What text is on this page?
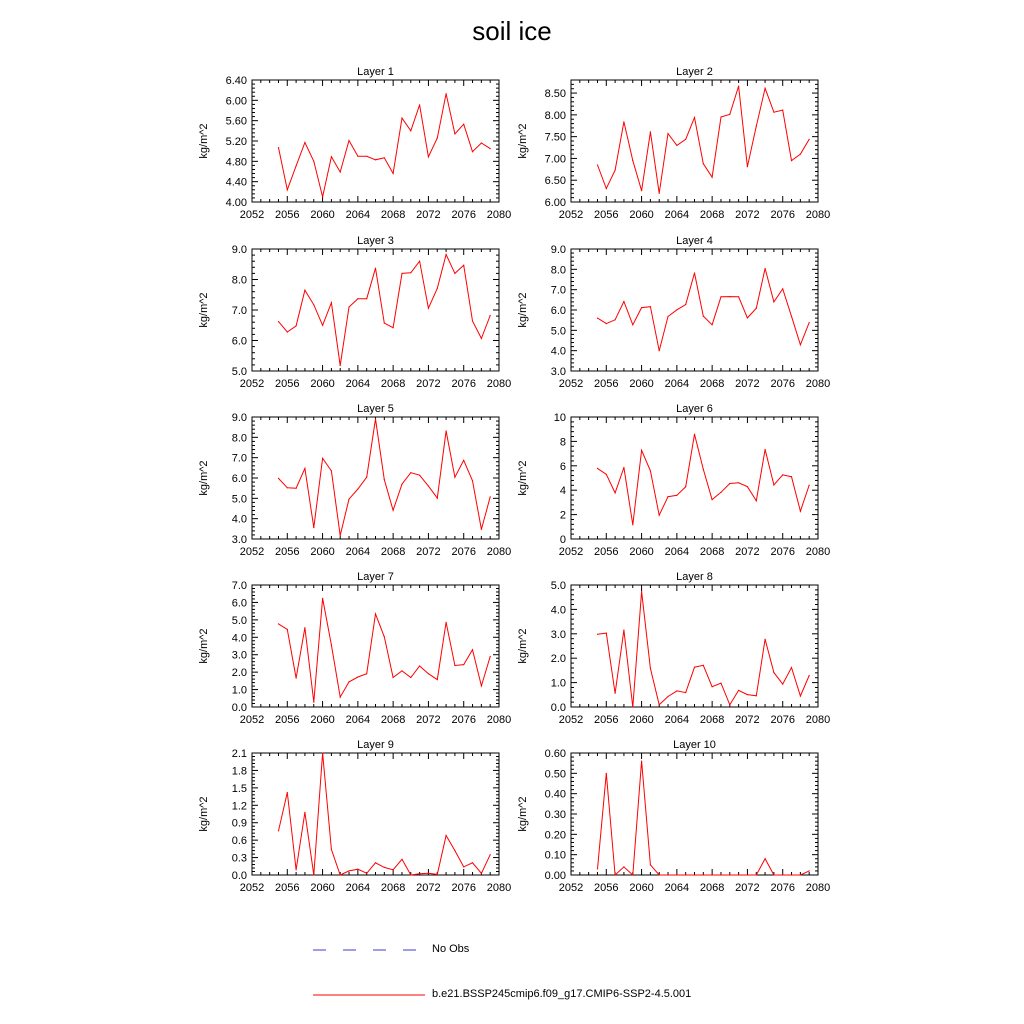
soil ice
Layer 1
kg/m^2
2052 2056 2060 2064 2068 2072 2076 2080
4.00
4.40
4.80
5.20
5.60
6.00
6.40
Layer 2
kg/m^2
2052 2056 2060 2064 2068 2072 2076 2080
6.00
6.50
7.00
7.50
8.00
8.50
Layer 3
kg/m^2
2052 2056 2060 2064 2068 2072 2076 2080
5.0
6.0
7.0
8.0
9.0
Layer 4
kg/m^2
2052 2056 2060 2064 2068 2072 2076 2080
3.0
4.0
5.0
6.0
7.0
8.0
9.0
Layer 5
kg/m^2
2052 2056 2060 2064 2068 2072 2076 2080
3.0
4.0
5.0
6.0
7.0
8.0
9.0
Layer 6
kg/m^2
2052 2056 2060 2064 2068 2072 2076 2080
0
2
4
6
8
10
Layer 7
kg/m^2
2052 2056 2060 2064 2068 2072 2076 2080
0.0
1.0
2.0
3.0
4.0
5.0
6.0
7.0
Layer 8
kg/m^2
2052 2056 2060 2064 2068 2072 2076 2080
0.0
1.0
2.0
3.0
4.0
5.0
Layer 9
kg/m^2
2052 2056 2060 2064 2068 2072 2076 2080
0.0
0.3
0.6
0.9
1.2
1.5
1.8
2.1
Layer 10
kg/m^2
2052 2056 2060 2064 2068 2072 2076 2080
0.00
0.10
0.20
0.30
0.40
0.50
0.60
No Obs
b.e21.BSSP245cmip6.f09_g17.CMIP6-SSP2-4.5.001
